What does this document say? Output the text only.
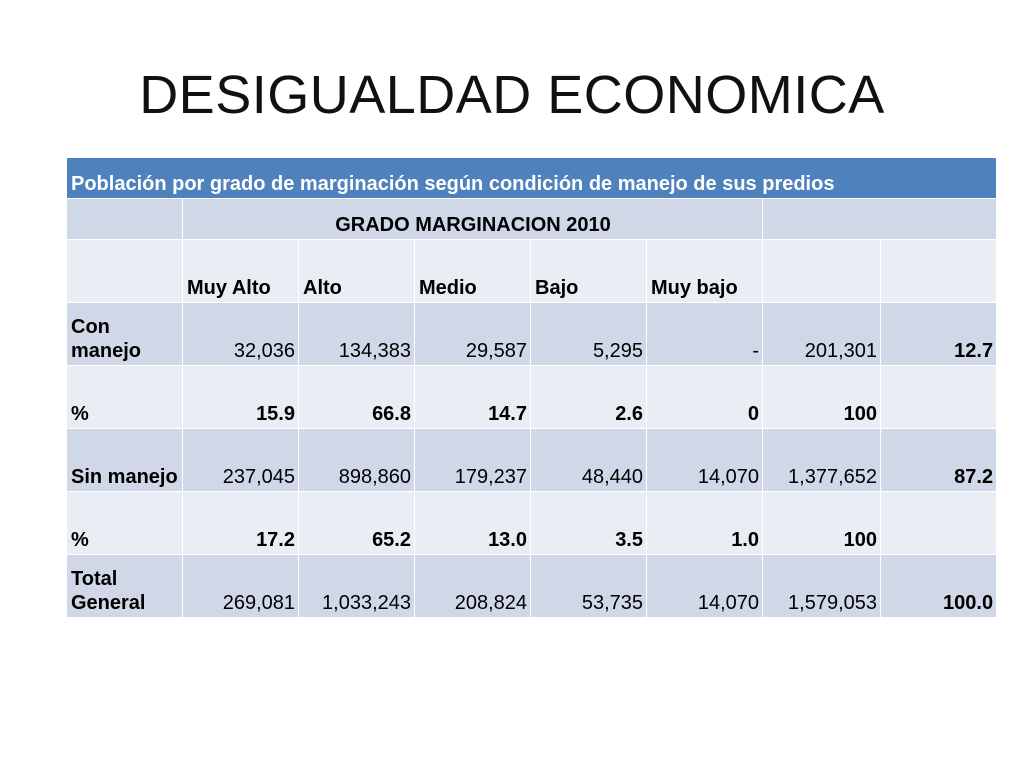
DESIGUALDAD ECONOMICA
Población por grado de marginación según condición de manejo de sus predios							
	GRADO MARGINACION 2010						
	Muy Alto	Alto	Medio	Bajo	Muy bajo		
Con manejo	32,036	134,383	29,587	5,295	-	201,301	12.7
%	15.9	66.8	14.7	2.6	0	100	
Sin manejo	237,045	898,860	179,237	48,440	14,070	1,377,652	87.2
%	17.2	65.2	13.0	3.5	1.0	100	
Total General	269,081	1,033,243	208,824	53,735	14,070	1,579,053	100.0
